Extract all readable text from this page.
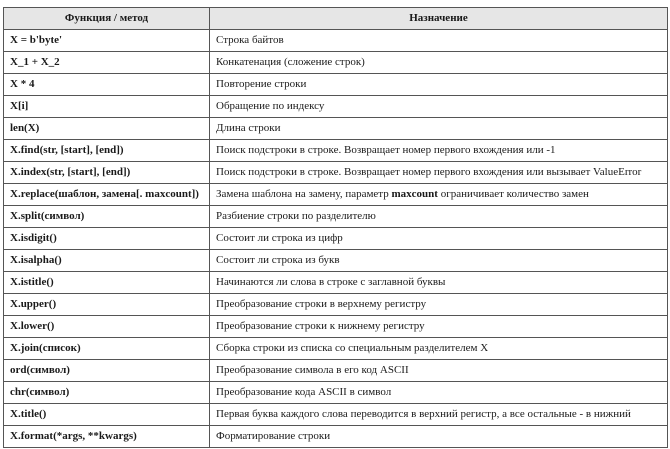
Функция / метод	Назначение
X = b'byte'	Строка байтов
X_1 + X_2	Конкатенация (сложение строк)
X * 4	Повторение строки
X[i]	Обращение по индексу
len(X)	Длина строки
X.find(str, [start], [end])	Поиск подстроки в строке. Возвращает номер первого вхождения или -1
X.index(str, [start], [end])	Поиск подстроки в строке. Возвращает номер первого вхождения или вызывает ValueError
X.replace(шаблон, замена[. maxcount])	Замена шаблона на замену, параметр maxcount ограничивает количество замен
X.split(символ)	Разбиение строки по разделителю
X.isdigit()	Состоит ли строка из цифр
X.isalpha()	Состоит ли строка из букв
X.istitle()	Начинаются ли слова в строке с заглавной буквы
X.upper()	Преобразование строки в верхнему регистру
X.lower()	Преобразование строки к нижнему регистру
X.join(список)	Сборка строки из списка со специальным разделителем X
ord(символ)	Преобразование символа в его код ASCII
chr(символ)	Преобразование кода ASCII в символ
X.title()	Первая буква каждого слова переводится в верхний регистр, а все остальные - в нижний
X.format(*args, **kwargs)	Форматирование строки
